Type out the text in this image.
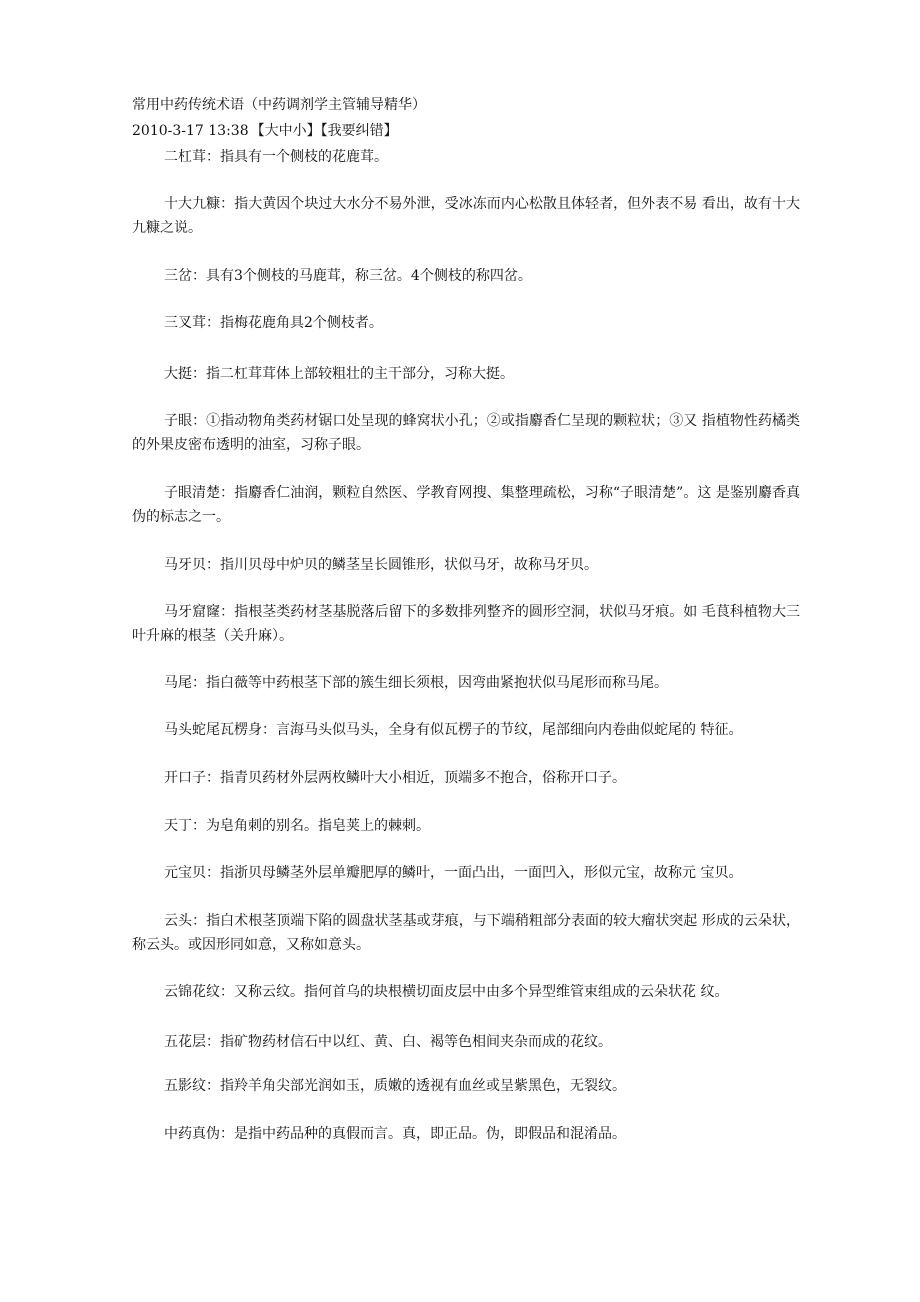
常用中药传统术语（中药调剂学主管辅导精华）
2010-3-17 13:38 【大中小】【我要纠错】

二杠茸：指具有一个侧枝的花鹿茸。

十大九糠：指大黄因个块过大水分不易外泄，受冰冻而内心松散且体轻者，但外表不易 看出，故有十大九糠之说。

三岔：具有3个侧枝的马鹿茸，称三岔。4个侧枝的称四岔。

三叉茸：指梅花鹿角具2个侧枝者。

大挺：指二杠茸茸体上部较粗壮的主干部分，习称大挺。

子眼：①指动物角类药材锯口处呈现的蜂窝状小孔；②或指麝香仁呈现的颗粒状；③又 指植物性药橘类的外果皮密布透明的油室，习称子眼。

子眼清楚：指麝香仁油润，颗粒自然医、学教育网搜、集整理疏松，习称“子眼清楚”。这 是鉴别麝香真伪的标志之一。

马牙贝：指川贝母中炉贝的鳞茎呈长圆锥形，状似马牙，故称马牙贝。

马牙窟窿：指根茎类药材茎基脱落后留下的多数排列整齐的圆形空洞，状似马牙痕。如 毛茛科植物大三叶升麻的根茎（关升麻）。

马尾：指白薇等中药根茎下部的簇生细长须根，因弯曲紧抱状似马尾形而称马尾。

马头蛇尾瓦楞身：言海马头似马头，全身有似瓦楞子的节纹，尾部细向内卷曲似蛇尾的 特征。

开口子：指青贝药材外层两枚鳞叶大小相近，顶端多不抱合，俗称开口子。

天丁：为皂角刺的别名。指皂荚上的棘刺。

元宝贝：指浙贝母鳞茎外层单瓣肥厚的鳞叶，一面凸出，一面凹入，形似元宝，故称元 宝贝。

云头：指白术根茎顶端下陷的圆盘状茎基或芽痕，与下端稍粗部分表面的较大瘤状突起 形成的云朵状，称云头。或因形同如意，又称如意头。

云锦花纹：又称云纹。指何首乌的块根横切面皮层中由多个异型维管束组成的云朵状花 纹。

五花层：指矿物药材信石中以红、黄、白、褐等色相间夹杂而成的花纹。

五影纹：指羚羊角尖部光润如玉，质嫩的透视有血丝或呈紫黑色，无裂纹。

中药真伪：是指中药品种的真假而言。真，即正品。伪，即假品和混淆品。
